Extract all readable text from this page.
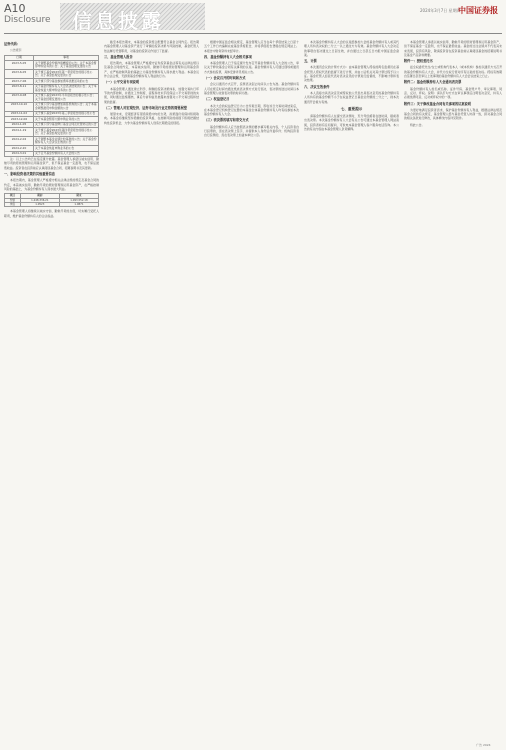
A10
Disclosure 信息披露	2024年3月7日 星期四
中国证券报

证券代码：

公告索引

日期	事项
2023-5-05	关于调整基金份额净值精度的公告；关于本基金暂停申购业务的公告；关于基金经理变更的公告
2023-6-05	关于旗下基金2023年第一季度报告的提示性公告；关于基金经理变更的公告
2023-7-06	关于旗下部分基金参加费率优惠活动的公告
2023-8-11	关于基金份额持有人大会表决结果的公告；关于本基金恢复大额申购业务的公告
2023-9-08	关于旗下基金2023年半年度报告的提示性公告；关于基金经理变更的公告
2023-10-10	关于旗下部分基金增加销售机构的公告；关于本基金调整最低申购金额的公告
2023-11-02	关于旗下基金2023年第三季度报告的提示性公告
2023-12-06	关于本基金暂停大额申购业务的公告
2024-1-05	关于旗下部分基金修订基金合同及托管协议的公告
2024-1-19	关于旗下基金2023年第四季度报告的提示性公告；关于基金经理变更的公告
2024-2-02	关于调整本基金业绩比较基准的公告；关于基金份额持有人大会决议生效的公告
2024-2-20	关于本基金恢复申购业务的公告
2024-3-01	关于召开基金份额持有人大会的公告

注：以上公告均已在指定媒介披露。基金管理人承诺以诚实信用、勤勉尽责的原则管理和运用基金资产，但不保证基金一定盈利，也不保证最低收益。投资者在投资前应认真阅读基金合同、招募说明书及其更新。

一、影响投资者决策的其他重要信息

本报告期内，基金管理人严格遵守相关法律法规的规定及基金合同的约定，本着诚实信用、勤勉尽责的原则管理和运用基金资产，在严格控制风险的基础上，为基金份额持有人谋求最大利益。

项目	期初	期末
份额	1,248,336.21	1,093,552.18
净值	1.0523	1.0871

本基金管理人将继续以诚实守信、勤勉尽责的态度，切实履行受托人职责，维护基金份额持有人的合法权益。

截至本报告期末，本基金的投资组合配置符合基金合同约定。报告期内基金管理人对基金资产进行了审慎的投资决策与风险控制，基金托管人依法履行托管职责，对基金的投资运作进行了监督。

三、基金管理人报告

报告期内，本基金管理人严格遵守证券投资基金法等有关法律法规以及基金合同的约定，本着诚实信用、勤勉尽责的原则管理和运用基金资产，在严格控制风险的基础上为基金份额持有人谋求最大利益。本基金运作合法合规，无损害基金份额持有人利益的行为。

（一）公平交易专项说明

本基金管理人通过建立科学、制衡的投资决策体系，加强交易执行环节的内部控制，并通过工作制度、流程和技术手段保证公平交易原则的实现，同时通过监察稽核、事后分析和信息披露来加强对公平交易过程和结果的监督。

（二）管理人对宏观经济、证券市场及行业走势的简要展望

展望未来，宏观经济有望延续稳中向好态势，政策面仍将保持积极取向。本基金将继续坚持稳健的投资风格，在控制风险的前提下积极把握结构性投资机会，力争为基金份额持有人创造长期稳定的回报。

根据中国证监会相关规定，基金管理人应当在每个季度结束之日起十五个工作日内编制完成基金季度报告，并将季度报告登载在规定网站上。本报告中财务资料未经审计。

四、基金份额持有人大会相关事项

本基金管理人已于指定媒介发布召开基金份额持有人大会的公告，审议关于修改基金合同有关事项的议案。基金份额持有人可通过现场或通讯方式参加投票，具体安排详见相关公告。

（一）会议召开的时间和方式

会议以通讯方式召开，投票表决起止时间以公告为准。基金份额持有人可在规定时间内通过纸质表决票方式进行表决，表决票的送达时间以本基金管理人收到表决票的时间为准。

（二）权益登记日

本次大会的权益登记日为公告所载日期，即在该日交易时间结束后，在本基金登记机构登记在册的本基金全体基金份额持有人均有权参加本次基金份额持有人大会。

（三）表决票的填写和寄交方式

基金份额持有人应当按照表决票的要求填写相关内容，个人投资者自行投票的，需在表决票上签字，并提供本人身份证件复印件；机构投资者自行投票的，需在表决票上加盖本单位公章。

本次基金份额持有人大会的议案经参加大会的基金份额持有人或其代理人所持表决权的二分之一以上通过方为有效。基金份额持有人大会决定的事项自表决通过之日起生效，并自通过之日起五日内报中国证监会备案。

五、计票

本次通讯会议的计票方式为：由本基金管理人授权的两名监督员在基金托管人授权代表的监督下进行计票，并由公证机关对其计票过程予以公证。基金托管人拒派代表对表决意见的计票进行监督的，不影响计票和表决结果。

六、决议生效条件

本人直接出具表决意见或授权他人代表出具表决意见的基金份额持有人所持有的基金份额不小于在权益登记日基金总份额的二分之一，则本次通讯开会视为有效。

七、重要提示

请基金份额持有人在提交表决票时，充分考虑邮寄在途时间，提前寄出表决票。本次基金份额持有人大会有关公告可通过本基金管理人网站查阅，投资者如有任何疑问，可致电本基金管理人客户服务电话咨询。本公告的有关内容由本基金管理人负责解释。

本基金管理人承诺以诚实信用、勤勉尽责的原则管理和运用基金资产，但不保证基金一定盈利，也不保证最低收益。基金的过往业绩并不代表其未来表现，投资有风险，敬请投资者在投资基金前认真阅读基金的招募说明书及基金产品资料概要。

附件一：授权委托书

兹全权委托先生/女士或机构代表本人（或本机构）参加以通讯方式召开的基金份额持有人大会，并代为全权行使对所有议案的表决权。授权有效期自签署日起至审议上述事项的基金份额持有人大会会议结束之日止。

附件二：基金份额持有人大会通讯表决票

基金份额持有人姓名或名称、证件号码、基金账户号、审议事项、同意、反对、弃权。说明：请以打勾方式在审议事项后注明表决意见，持有人必须选择同意、反对或弃权中的一项。

附件三：关于修改基金合同有关事项的议案说明

为更好地满足投资者需求，保护基金份额持有人利益，根据法律法规及基金合同的有关规定，基金管理人经与基金托管人协商一致，拟对基金合同的相关条款进行修改，具体修改内容详见附件。

特此公告。

广告 2024
